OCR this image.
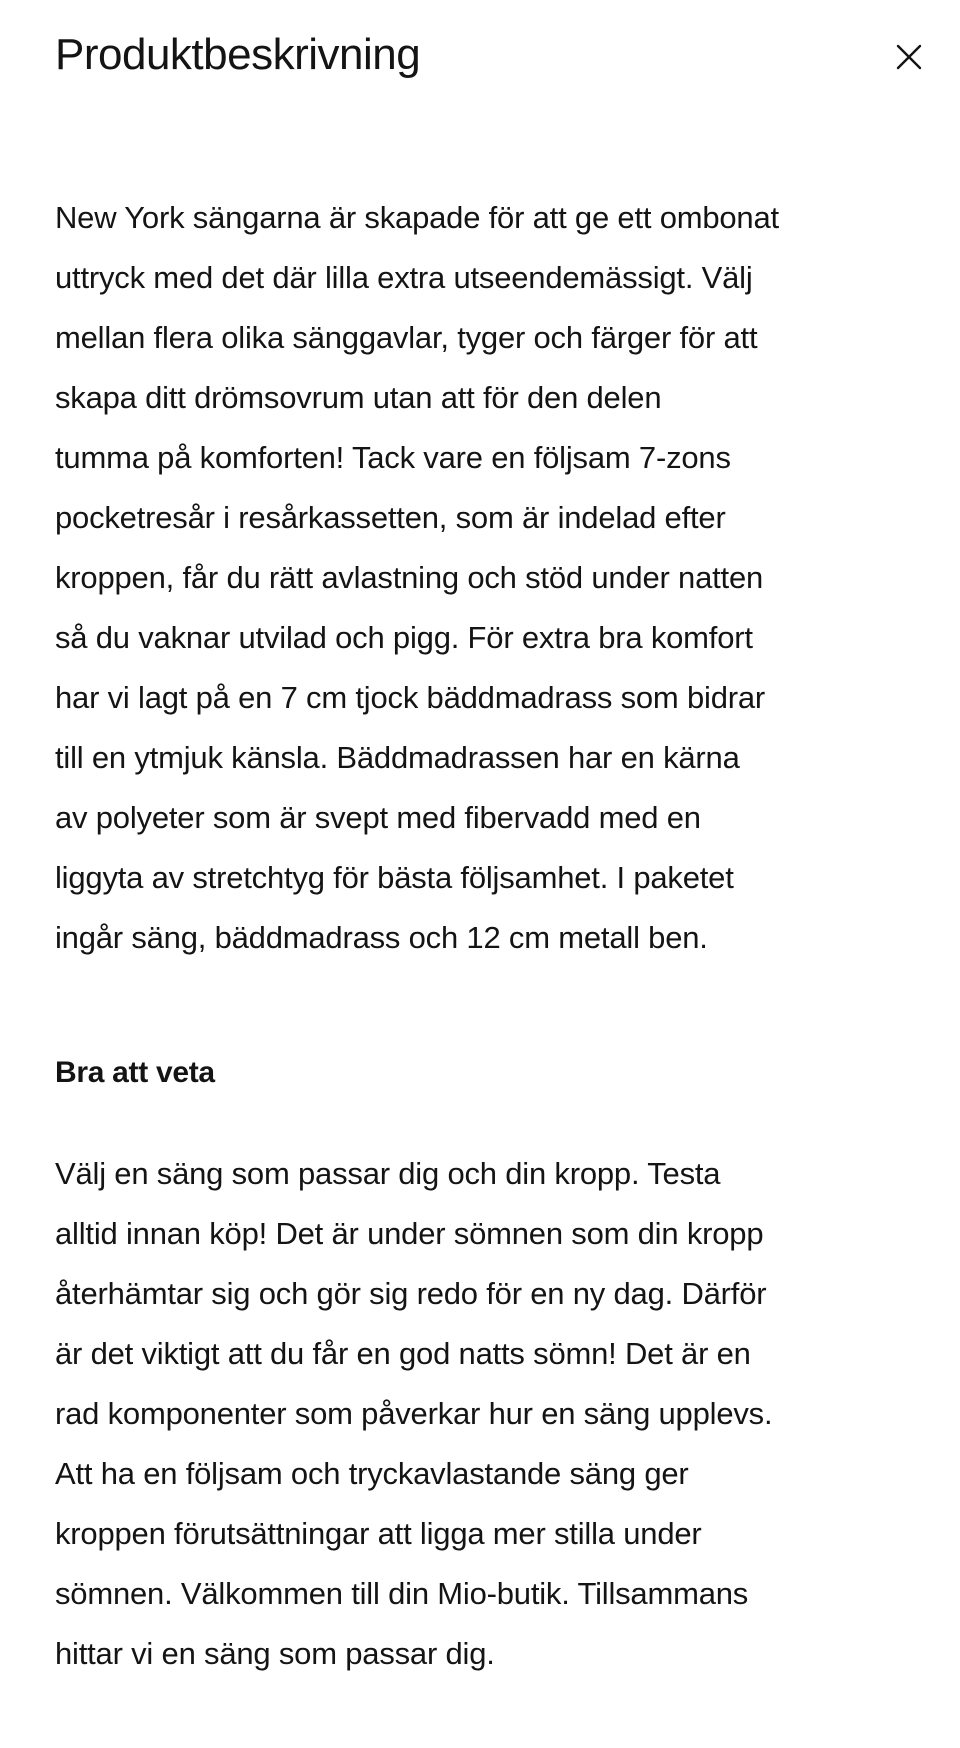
Produktbeskrivning
New York sängarna är skapade för att ge ett ombonat
uttryck med det där lilla extra utseendemässigt. Välj
mellan flera olika sänggavlar, tyger och färger för att
skapa ditt drömsovrum utan att för den delen
tumma på komforten! Tack vare en följsam 7-zons
pocketresår i resårkassetten, som är indelad efter
kroppen, får du rätt avlastning och stöd under natten
så du vaknar utvilad och pigg. För extra bra komfort
har vi lagt på en 7 cm tjock bäddmadrass som bidrar
till en ytmjuk känsla. Bäddmadrassen har en kärna
av polyeter som är svept med fibervadd med en
liggyta av stretchtyg för bästa följsamhet. I paketet
ingår säng, bäddmadrass och 12 cm metall ben.
Bra att veta
Välj en säng som passar dig och din kropp. Testa
alltid innan köp! Det är under sömnen som din kropp
återhämtar sig och gör sig redo för en ny dag. Därför
är det viktigt att du får en god natts sömn! Det är en
rad komponenter som påverkar hur en säng upplevs.
Att ha en följsam och tryckavlastande säng ger
kroppen förutsättningar att ligga mer stilla under
sömnen. Välkommen till din Mio-butik. Tillsammans
hittar vi en säng som passar dig.
